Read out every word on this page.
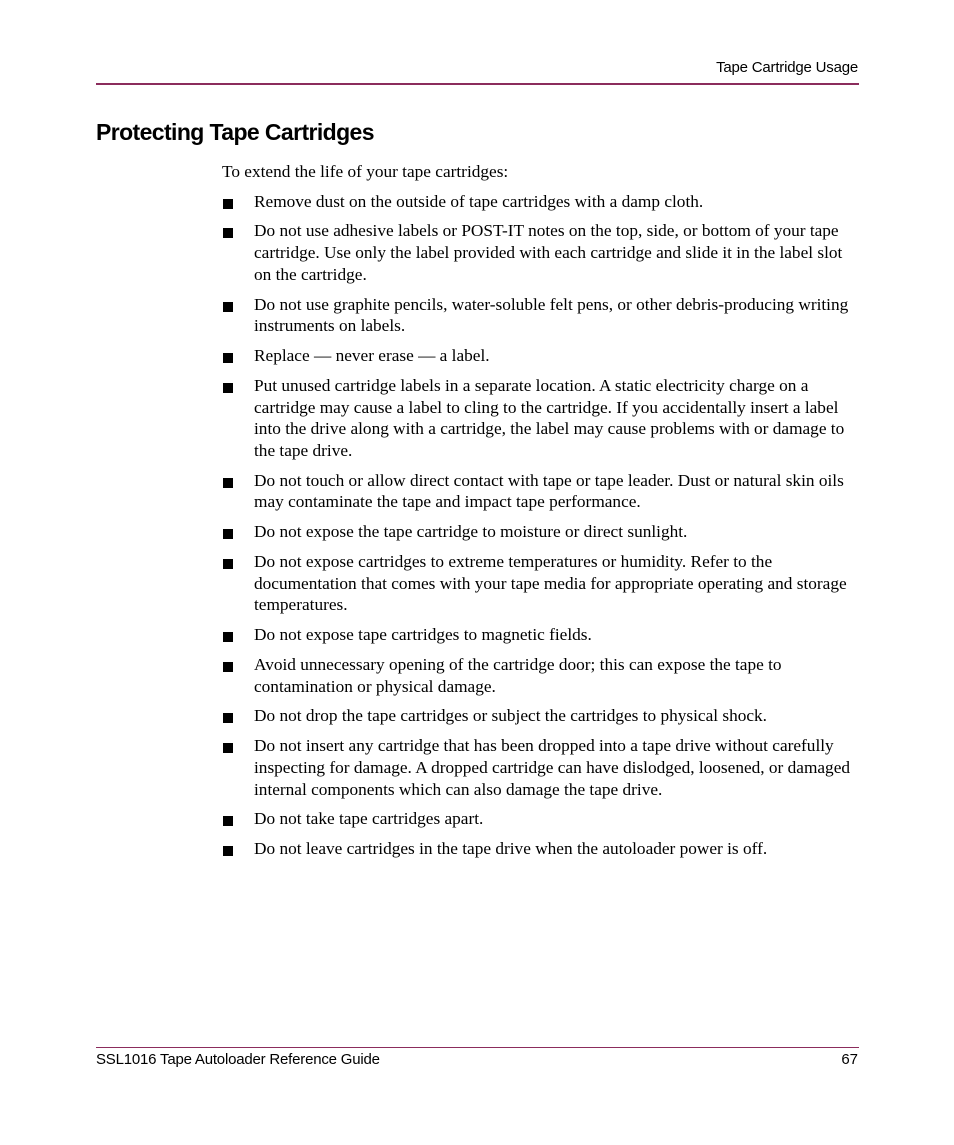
Tape Cartridge Usage
Protecting Tape Cartridges

To extend the life of your tape cartridges:

Remove dust on the outside of tape cartridges with a damp cloth.
Do not use adhesive labels or POST-IT notes on the top, side, or bottom of your tape cartridge. Use only the label provided with each cartridge and slide it in the label slot on the cartridge.
Do not use graphite pencils, water-soluble felt pens, or other debris-producing writing instruments on labels.
Replace — never erase — a label.
Put unused cartridge labels in a separate location. A static electricity charge on a cartridge may cause a label to cling to the cartridge. If you accidentally insert a label into the drive along with a cartridge, the label may cause problems with or damage to the tape drive.
Do not touch or allow direct contact with tape or tape leader. Dust or natural skin oils may contaminate the tape and impact tape performance.
Do not expose the tape cartridge to moisture or direct sunlight.
Do not expose cartridges to extreme temperatures or humidity. Refer to the documentation that comes with your tape media for appropriate operating and storage temperatures.
Do not expose tape cartridges to magnetic fields.
Avoid unnecessary opening of the cartridge door; this can expose the tape to contamination or physical damage.
Do not drop the tape cartridges or subject the cartridges to physical shock.
Do not insert any cartridge that has been dropped into a tape drive without carefully inspecting for damage. A dropped cartridge can have dislodged, loosened, or damaged internal components which can also damage the tape drive.
Do not take tape cartridges apart.
Do not leave cartridges in the tape drive when the autoloader power is off.
SSL1016 Tape Autoloader Reference Guide	67
